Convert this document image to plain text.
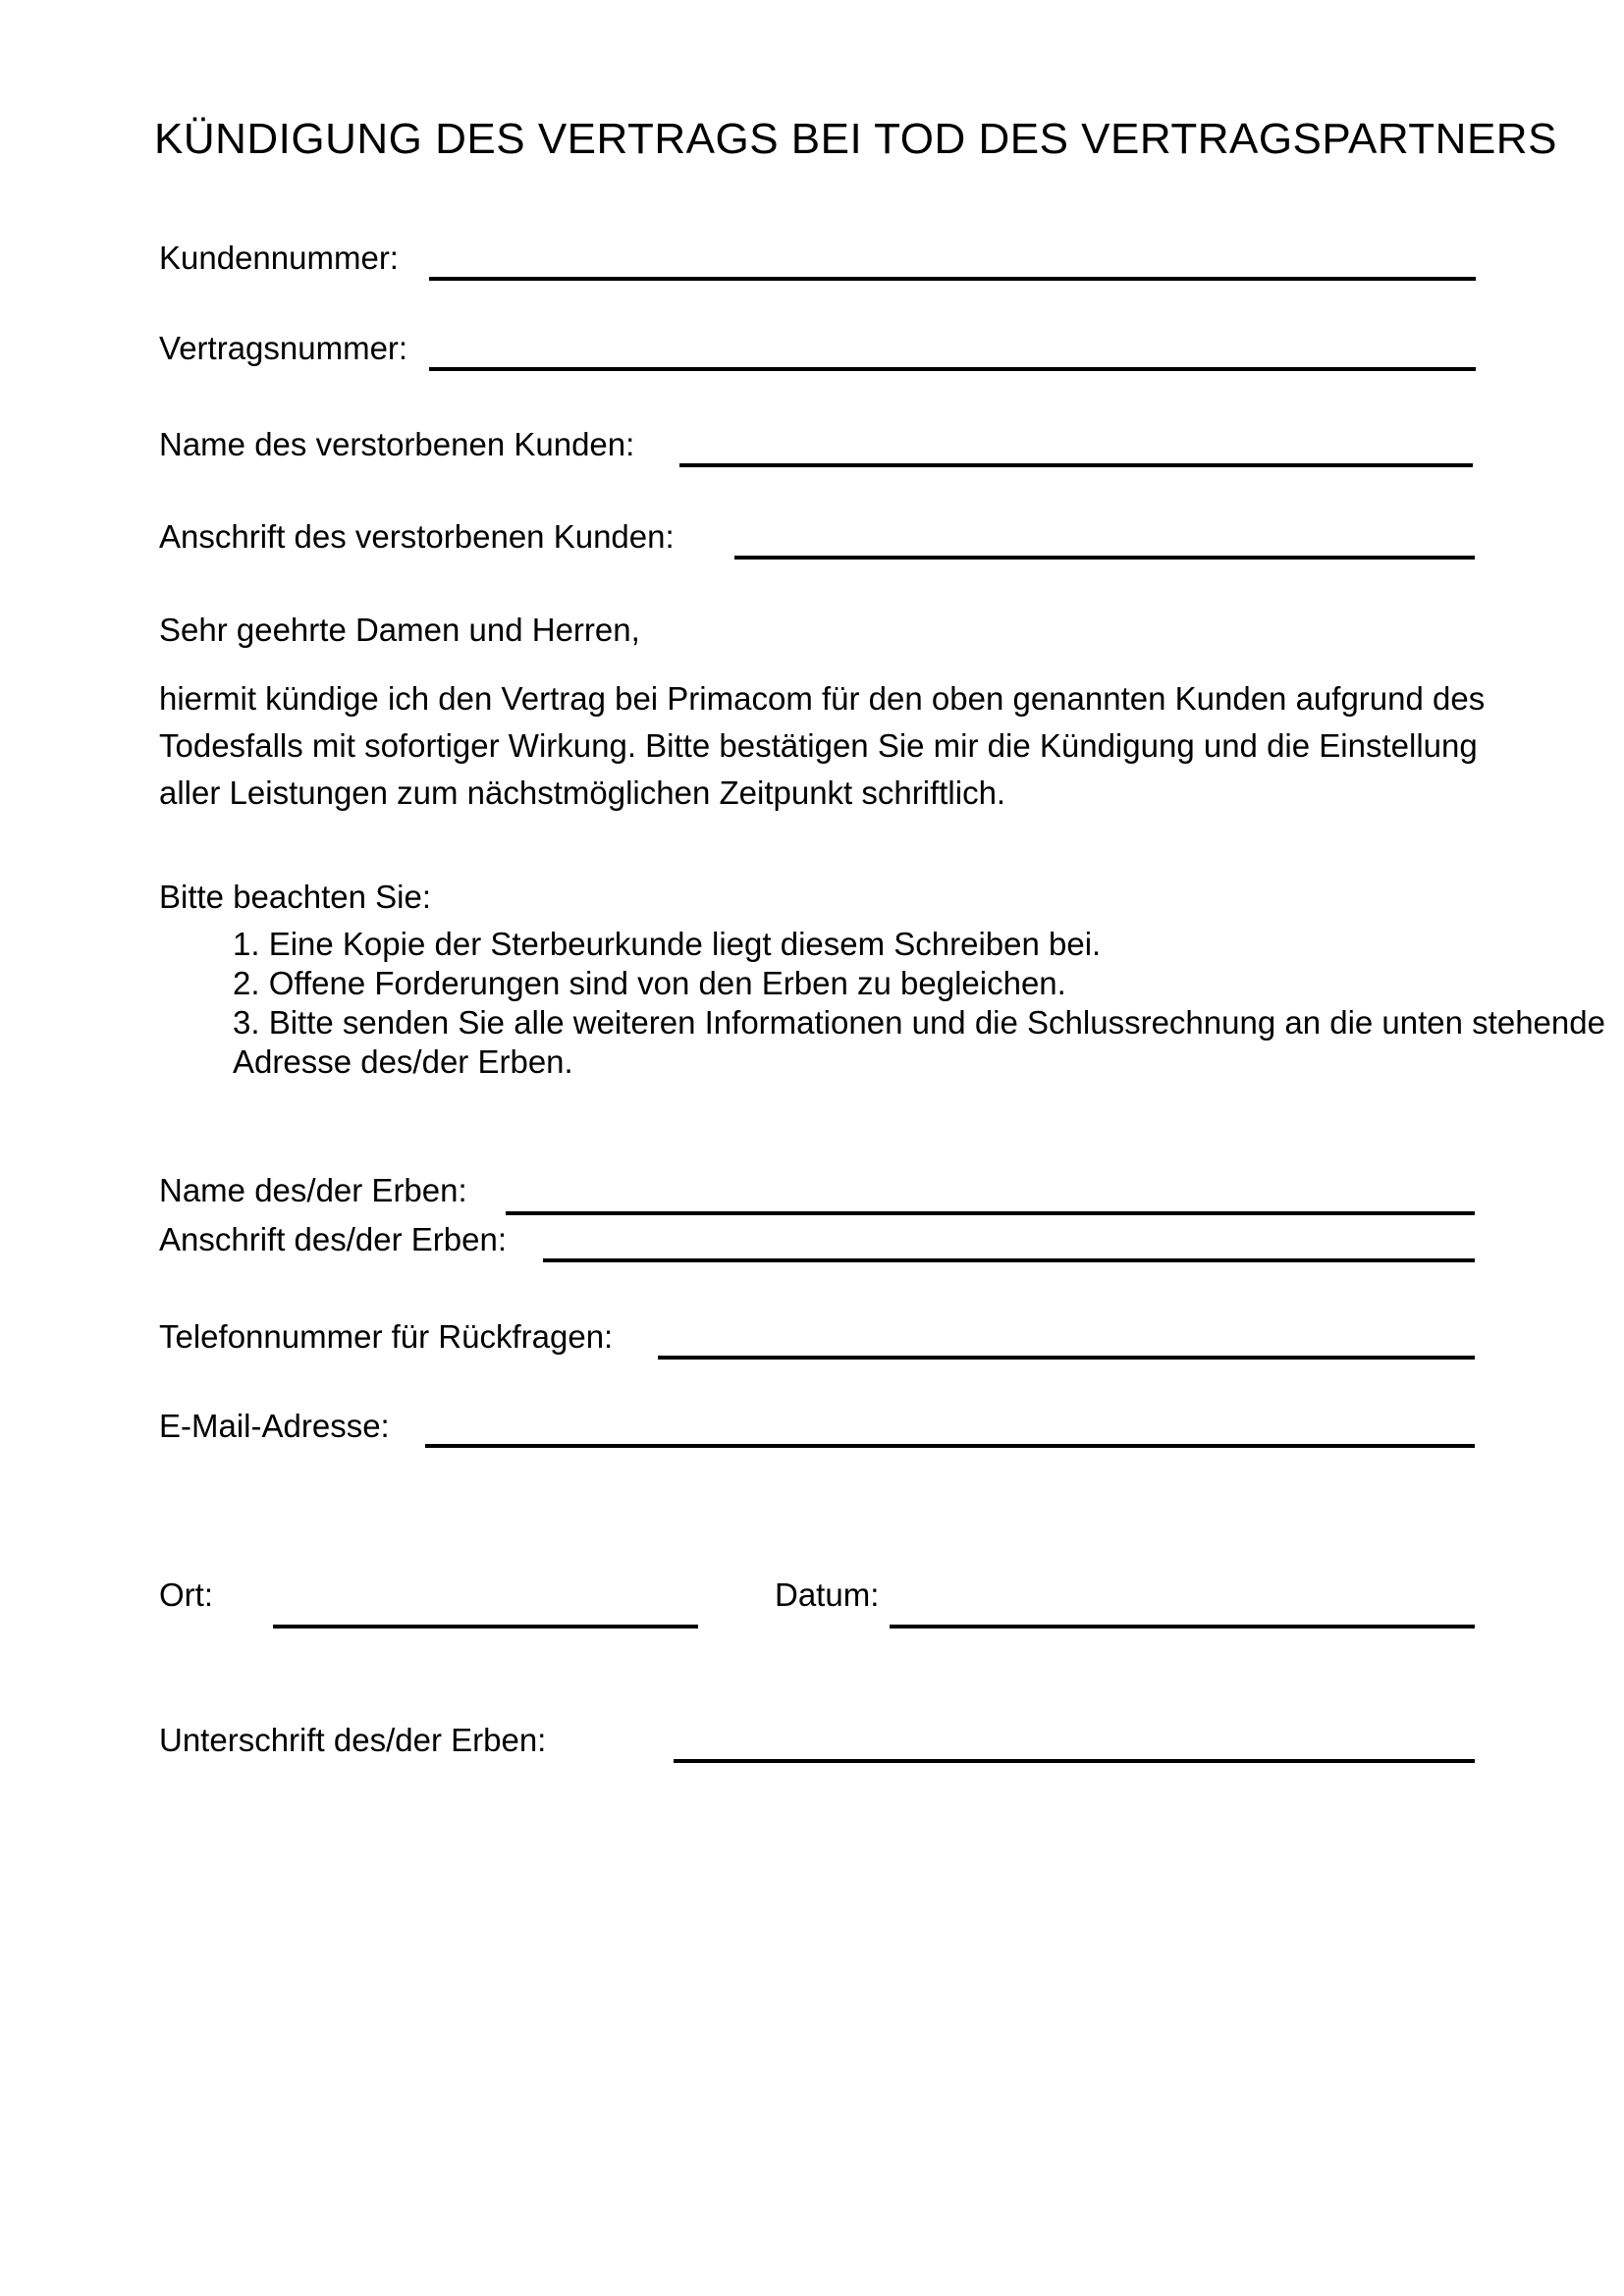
KÜNDIGUNG DES VERTRAGS BEI TOD DES VERTRAGSPARTNERS
Kundennummer:
Vertragsnummer:
Name des verstorbenen Kunden:
Anschrift des verstorbenen Kunden:
Sehr geehrte Damen und Herren,
hiermit kündige ich den Vertrag bei Primacom für den oben genannten Kunden aufgrund des Todesfalls mit sofortiger Wirkung. Bitte bestätigen Sie mir die Kündigung und die Einstellung aller Leistungen zum nächstmöglichen Zeitpunkt schriftlich.
Bitte beachten Sie:
1. Eine Kopie der Sterbeurkunde liegt diesem Schreiben bei.
2. Offene Forderungen sind von den Erben zu begleichen.
3. Bitte senden Sie alle weiteren Informationen und die Schlussrechnung an die unten stehende
Adresse des/der Erben.
Name des/der Erben:
Anschrift des/der Erben:
Telefonnummer für Rückfragen:
E-Mail-Adresse:
Ort:	Datum:
Unterschrift des/der Erben:
